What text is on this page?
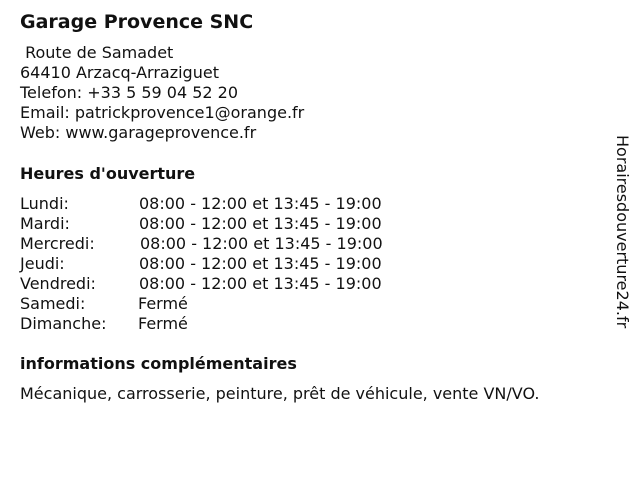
Garage Provence SNC
Route de Samadet
64410 Arzacq-Arraziguet
Telefon: +33 5 59 04 52 20
Email: patrickprovence1@orange.fr
Web: www.garageprovence.fr
Heures d'ouverture
Lundi:	08:00 - 12:00 et 13:45 - 19:00
Mardi:	08:00 - 12:00 et 13:45 - 19:00
Mercredi:	08:00 - 12:00 et 13:45 - 19:00
Jeudi:	08:00 - 12:00 et 13:45 - 19:00
Vendredi:	08:00 - 12:00 et 13:45 - 19:00
Samedi:	Fermé
Dimanche: Fermé
informations complémentaires
Mécanique, carrosserie, peinture, prêt de véhicule, vente VN/VO.
Horairesdouverture24.fr
